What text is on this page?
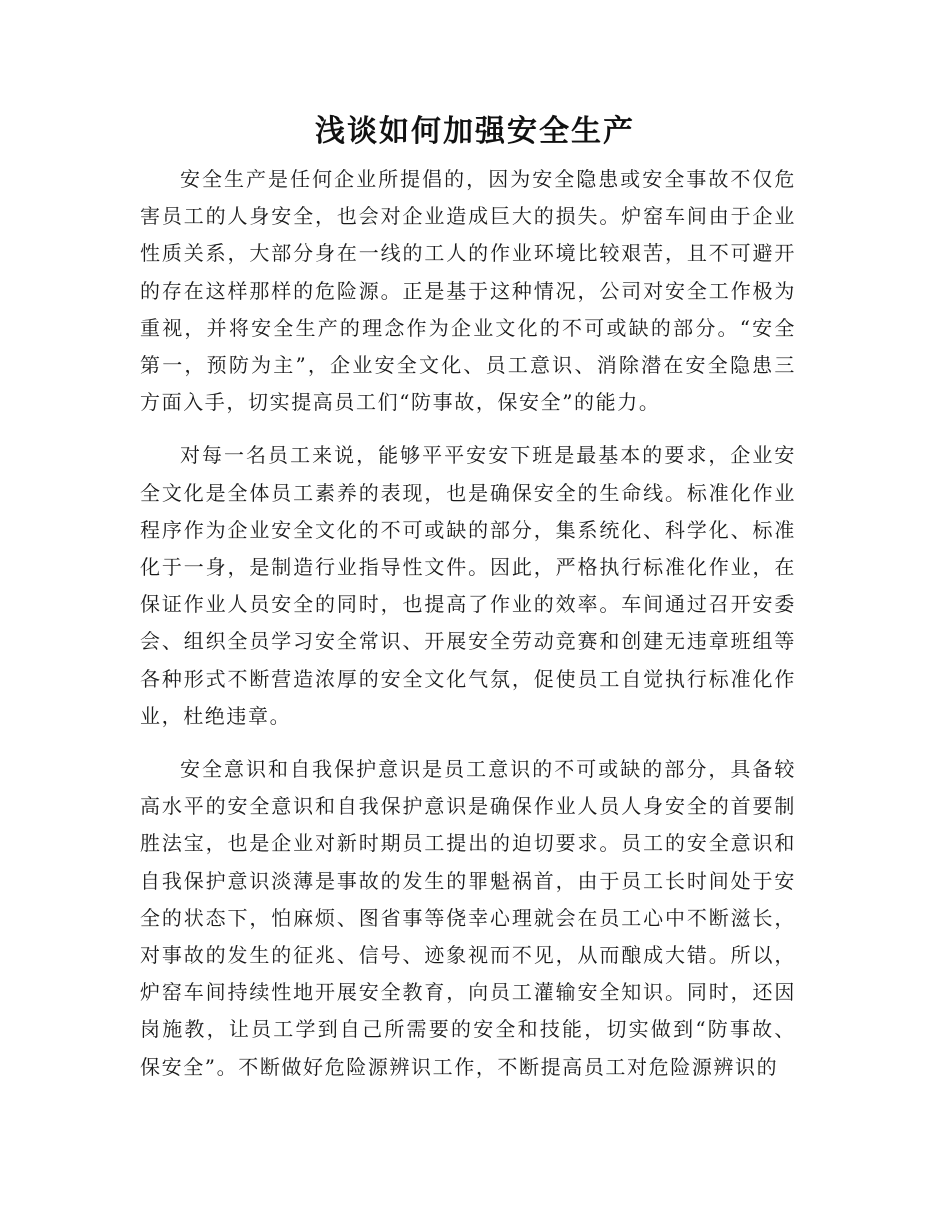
浅谈如何加强安全生产

安全生产是任何企业所提倡的，因为安全隐患或安全事故不仅危害员工的人身安全，也会对企业造成巨大的损失。炉窑车间由于企业性质关系，大部分身在一线的工人的作业环境比较艰苦，且不可避开的存在这样那样的危险源。正是基于这种情况，公司对安全工作极为重视，并将安全生产的理念作为企业文化的不可或缺的部分。“安全第一，预防为主”，企业安全文化、员工意识、消除潜在安全隐患三方面入手，切实提高员工们“防事故，保安全”的能力。

对每一名员工来说，能够平平安安下班是最基本的要求，企业安全文化是全体员工素养的表现，也是确保安全的生命线。标准化作业程序作为企业安全文化的不可或缺的部分，集系统化、科学化、标准化于一身，是制造行业指导性文件。因此，严格执行标准化作业，在保证作业人员安全的同时，也提高了作业的效率。车间通过召开安委会、组织全员学习安全常识、开展安全劳动竞赛和创建无违章班组等各种形式不断营造浓厚的安全文化气氛，促使员工自觉执行标准化作业，杜绝违章。

安全意识和自我保护意识是员工意识的不可或缺的部分，具备较高水平的安全意识和自我保护意识是确保作业人员人身安全的首要制胜法宝，也是企业对新时期员工提出的迫切要求。员工的安全意识和自我保护意识淡薄是事故的发生的罪魁祸首，由于员工长时间处于安全的状态下，怕麻烦、图省事等侥幸心理就会在员工心中不断滋长，对事故的发生的征兆、信号、迹象视而不见，从而酿成大错。所以，炉窑车间持续性地开展安全教育，向员工灌输安全知识。同时，还因岗施教，让员工学到自己所需要的安全和技能，切实做到“防事故、保安全”。不断做好危险源辨识工作，不断提高员工对危险源辨识的
